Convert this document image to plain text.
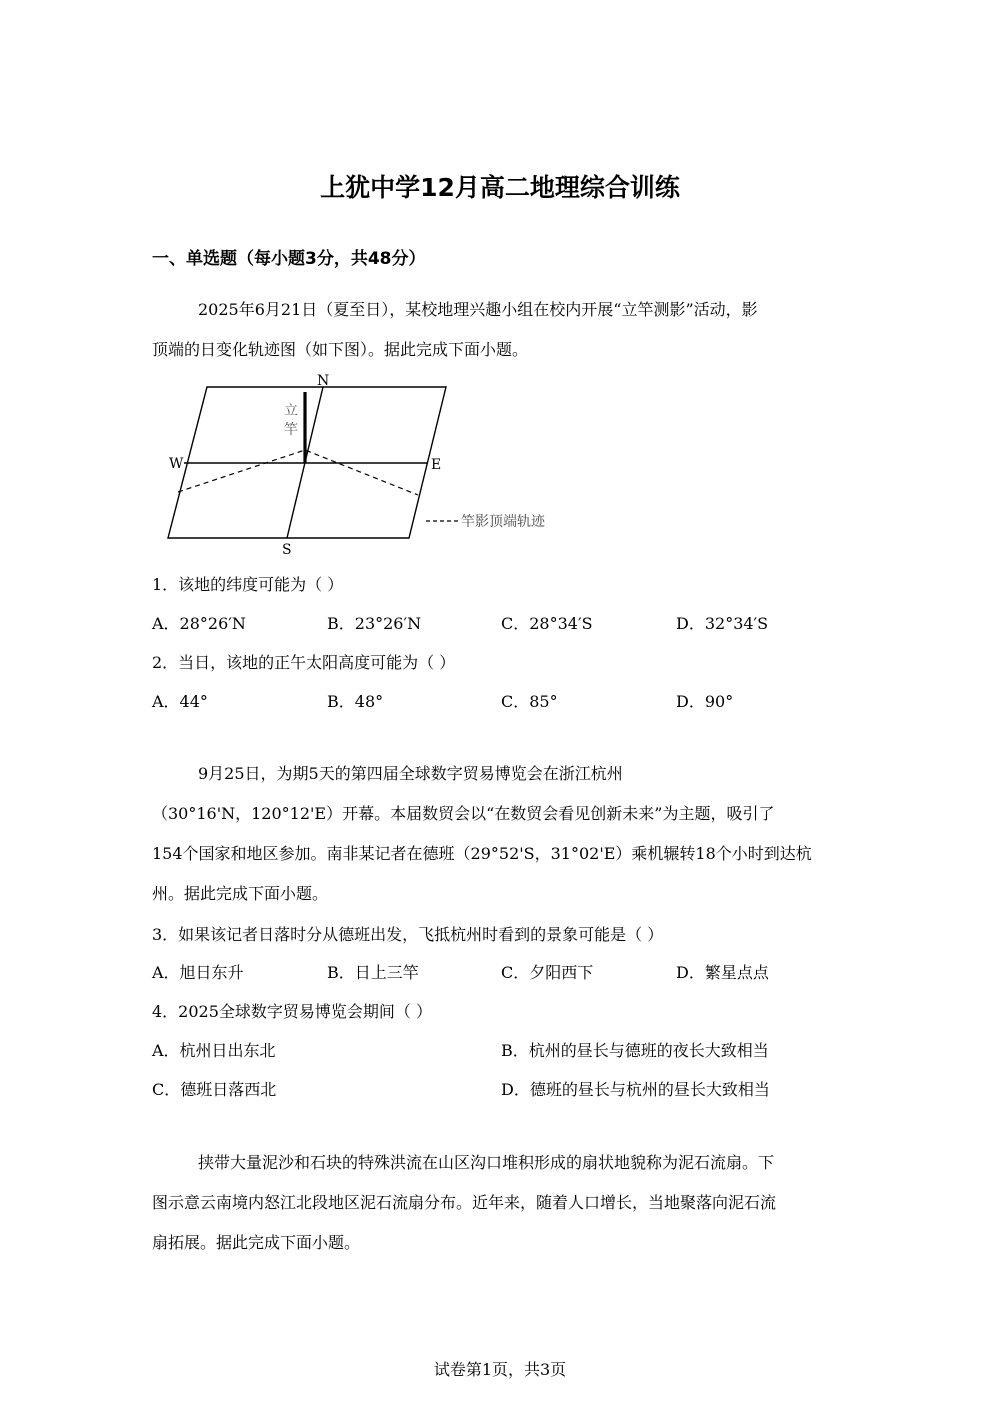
上犹中学12月高二地理综合训练
一、单选题（每小题3分，共48分）

2025年6月21日（夏至日），某校地理兴趣小组在校内开展“立竿测影”活动，影

顶端的日变化轨迹图（如下图）。据此完成下面小题。

N
S
W	E
立
竿
竿影顶端轨迹
1．该地的纬度可能为（ ）
A．28°26′N	B．23°26′N	C．28°34′S	D．32°34′S
2．当日，该地的正午太阳高度可能为（ ）
A．44°	B．48°	C．85°	D．90°

9月25日，为期5天的第四届全球数字贸易博览会在浙江杭州

（30°16'N，120°12'E）开幕。本届数贸会以“在数贸会看见创新未来”为主题，吸引了

154个国家和地区参加。南非某记者在德班（29°52'S，31°02'E）乘机辗转18个小时到达杭

州。据此完成下面小题。

3．如果该记者日落时分从德班出发，飞抵杭州时看到的景象可能是（ ）
A．旭日东升	B．日上三竿	C．夕阳西下	D．繁星点点
4．2025全球数字贸易博览会期间（ ）
A．杭州日出东北	B．杭州的昼长与德班的夜长大致相当
C．德班日落西北	D．德班的昼长与杭州的昼长大致相当

挟带大量泥沙和石块的特殊洪流在山区沟口堆积形成的扇状地貌称为泥石流扇。下

图示意云南境内怒江北段地区泥石流扇分布。近年来，随着人口增长，当地聚落向泥石流

扇拓展。据此完成下面小题。

试卷第1页，共3页
